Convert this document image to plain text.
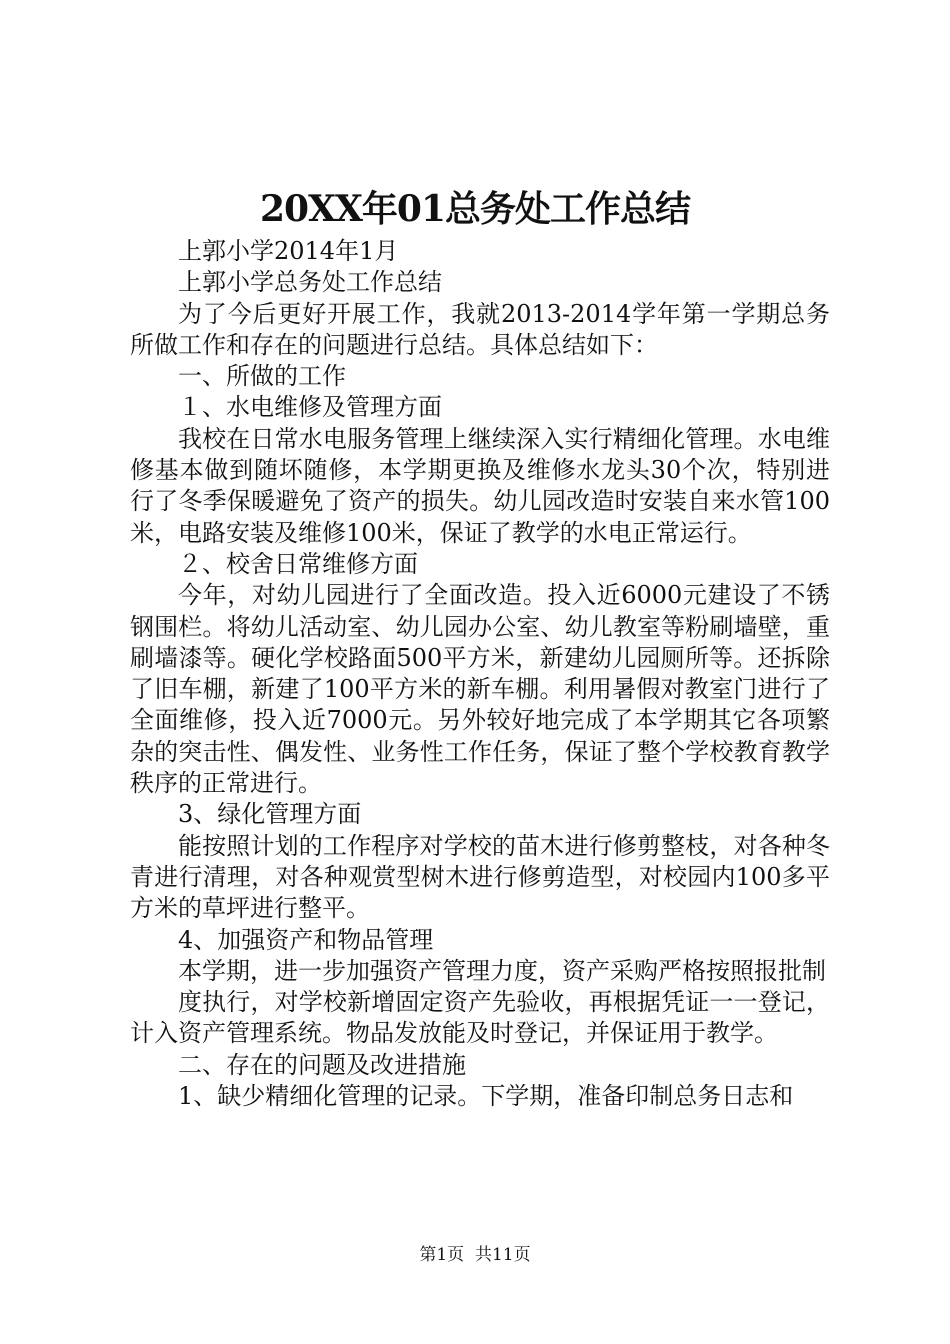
20XX年01总务处工作总结

上郭小学2014年1月

上郭小学总务处工作总结

为了今后更好开展工作，我就2013-2014学年第一学期总务所做工作和存在的问题进行总结。具体总结如下：

一、所做的工作

１、水电维修及管理方面

我校在日常水电服务管理上继续深入实行精细化管理。水电维修基本做到随坏随修，本学期更换及维修水龙头30个次，特别进行了冬季保暖避免了资产的损失。幼儿园改造时安装自来水管100米，电路安装及维修100米，保证了教学的水电正常运行。

２、校舍日常维修方面

今年，对幼儿园进行了全面改造。投入近6000元建设了不锈钢围栏。将幼儿活动室、幼儿园办公室、幼儿教室等粉刷墙壁，重刷墙漆等。硬化学校路面500平方米，新建幼儿园厕所等。还拆除了旧车棚，新建了100平方米的新车棚。利用暑假对教室门进行了全面维修，投入近7000元。另外较好地完成了本学期其它各项繁杂的突击性、偶发性、业务性工作任务，保证了整个学校教育教学秩序的正常进行。

3、绿化管理方面

能按照计划的工作程序对学校的苗木进行修剪整枝，对各种冬青进行清理，对各种观赏型树木进行修剪造型，对校园内100多平方米的草坪进行整平。

4、加强资产和物品管理

本学期，进一步加强资产管理力度，资产采购严格按照报批制

度执行，对学校新增固定资产先验收，再根据凭证一一登记，计入资产管理系统。物品发放能及时登记，并保证用于教学。

二、存在的问题及改进措施

1、缺少精细化管理的记录。下学期，准备印制总务日志和

第1页  共11页
